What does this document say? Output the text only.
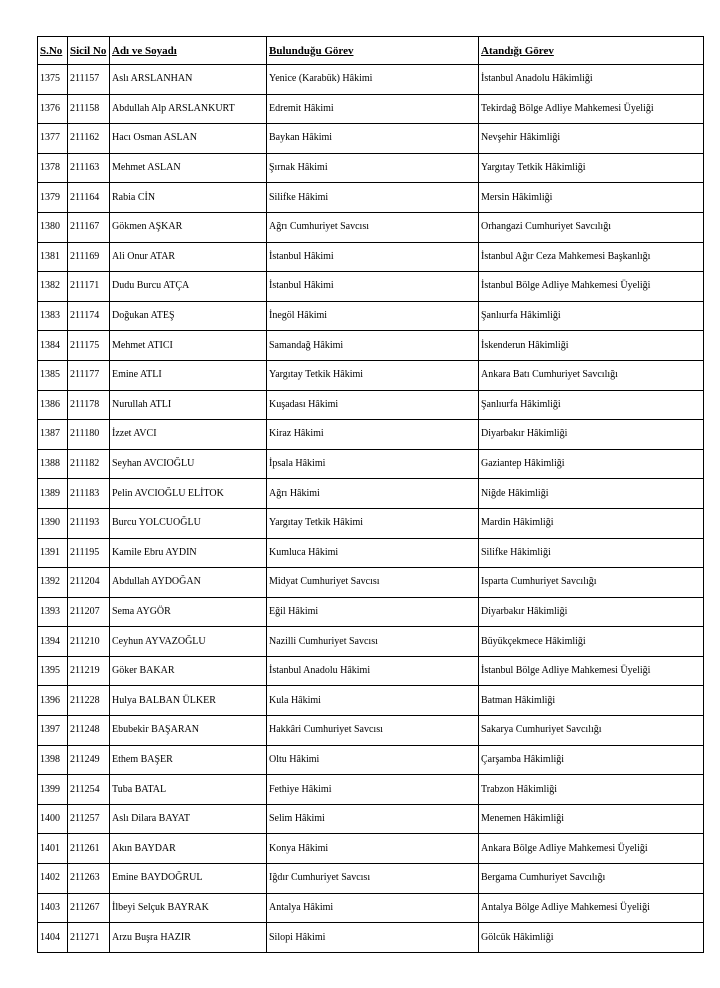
S.No	Sicil No	Adı ve Soyadı	Bulunduğu Görev	Atandığı Görev
1375	211157	Aslı ARSLANHAN	Yenice (Karabük) Hâkimi	İstanbul Anadolu Hâkimliği
1376	211158	Abdullah Alp ARSLANKURT	Edremit Hâkimi	Tekirdağ Bölge Adliye Mahkemesi Üyeliği
1377	211162	Hacı Osman ASLAN	Baykan Hâkimi	Nevşehir Hâkimliği
1378	211163	Mehmet ASLAN	Şırnak Hâkimi	Yargıtay Tetkik Hâkimliği
1379	211164	Rabia CİN	Silifke Hâkimi	Mersin Hâkimliği
1380	211167	Gökmen AŞKAR	Ağrı Cumhuriyet Savcısı	Orhangazi Cumhuriyet Savcılığı
1381	211169	Ali Onur ATAR	İstanbul Hâkimi	İstanbul Ağır Ceza Mahkemesi Başkanlığı
1382	211171	Dudu Burcu ATÇA	İstanbul Hâkimi	İstanbul Bölge Adliye Mahkemesi Üyeliği
1383	211174	Doğukan ATEŞ	İnegöl Hâkimi	Şanlıurfa Hâkimliği
1384	211175	Mehmet ATICI	Samandağ Hâkimi	İskenderun Hâkimliği
1385	211177	Emine ATLI	Yargıtay Tetkik Hâkimi	Ankara Batı Cumhuriyet Savcılığı
1386	211178	Nurullah ATLI	Kuşadası Hâkimi	Şanlıurfa Hâkimliği
1387	211180	İzzet AVCI	Kiraz Hâkimi	Diyarbakır Hâkimliği
1388	211182	Seyhan AVCIOĞLU	İpsala Hâkimi	Gaziantep Hâkimliği
1389	211183	Pelin AVCIOĞLU ELİTOK	Ağrı Hâkimi	Niğde Hâkimliği
1390	211193	Burcu YOLCUOĞLU	Yargıtay Tetkik Hâkimi	Mardin Hâkimliği
1391	211195	Kamile Ebru AYDIN	Kumluca Hâkimi	Silifke Hâkimliği
1392	211204	Abdullah AYDOĞAN	Midyat Cumhuriyet Savcısı	Isparta Cumhuriyet Savcılığı
1393	211207	Sema AYGÖR	Eğil Hâkimi	Diyarbakır Hâkimliği
1394	211210	Ceyhun AYVAZOĞLU	Nazilli Cumhuriyet Savcısı	Büyükçekmece Hâkimliği
1395	211219	Göker BAKAR	İstanbul Anadolu Hâkimi	İstanbul Bölge Adliye Mahkemesi Üyeliği
1396	211228	Hulya BALBAN ÜLKER	Kula Hâkimi	Batman Hâkimliği
1397	211248	Ebubekir BAŞARAN	Hakkâri Cumhuriyet Savcısı	Sakarya Cumhuriyet Savcılığı
1398	211249	Ethem BAŞER	Oltu Hâkimi	Çarşamba Hâkimliği
1399	211254	Tuba BATAL	Fethiye Hâkimi	Trabzon Hâkimliği
1400	211257	Aslı Dilara BAYAT	Selim Hâkimi	Menemen Hâkimliği
1401	211261	Akın BAYDAR	Konya Hâkimi	Ankara Bölge Adliye Mahkemesi Üyeliği
1402	211263	Emine BAYDOĞRUL	Iğdır Cumhuriyet Savcısı	Bergama Cumhuriyet Savcılığı
1403	211267	İlbeyi Selçuk BAYRAK	Antalya Hâkimi	Antalya Bölge Adliye Mahkemesi Üyeliği
1404	211271	Arzu Buşra HAZIR	Silopi Hâkimi	Gölcük Hâkimliği
